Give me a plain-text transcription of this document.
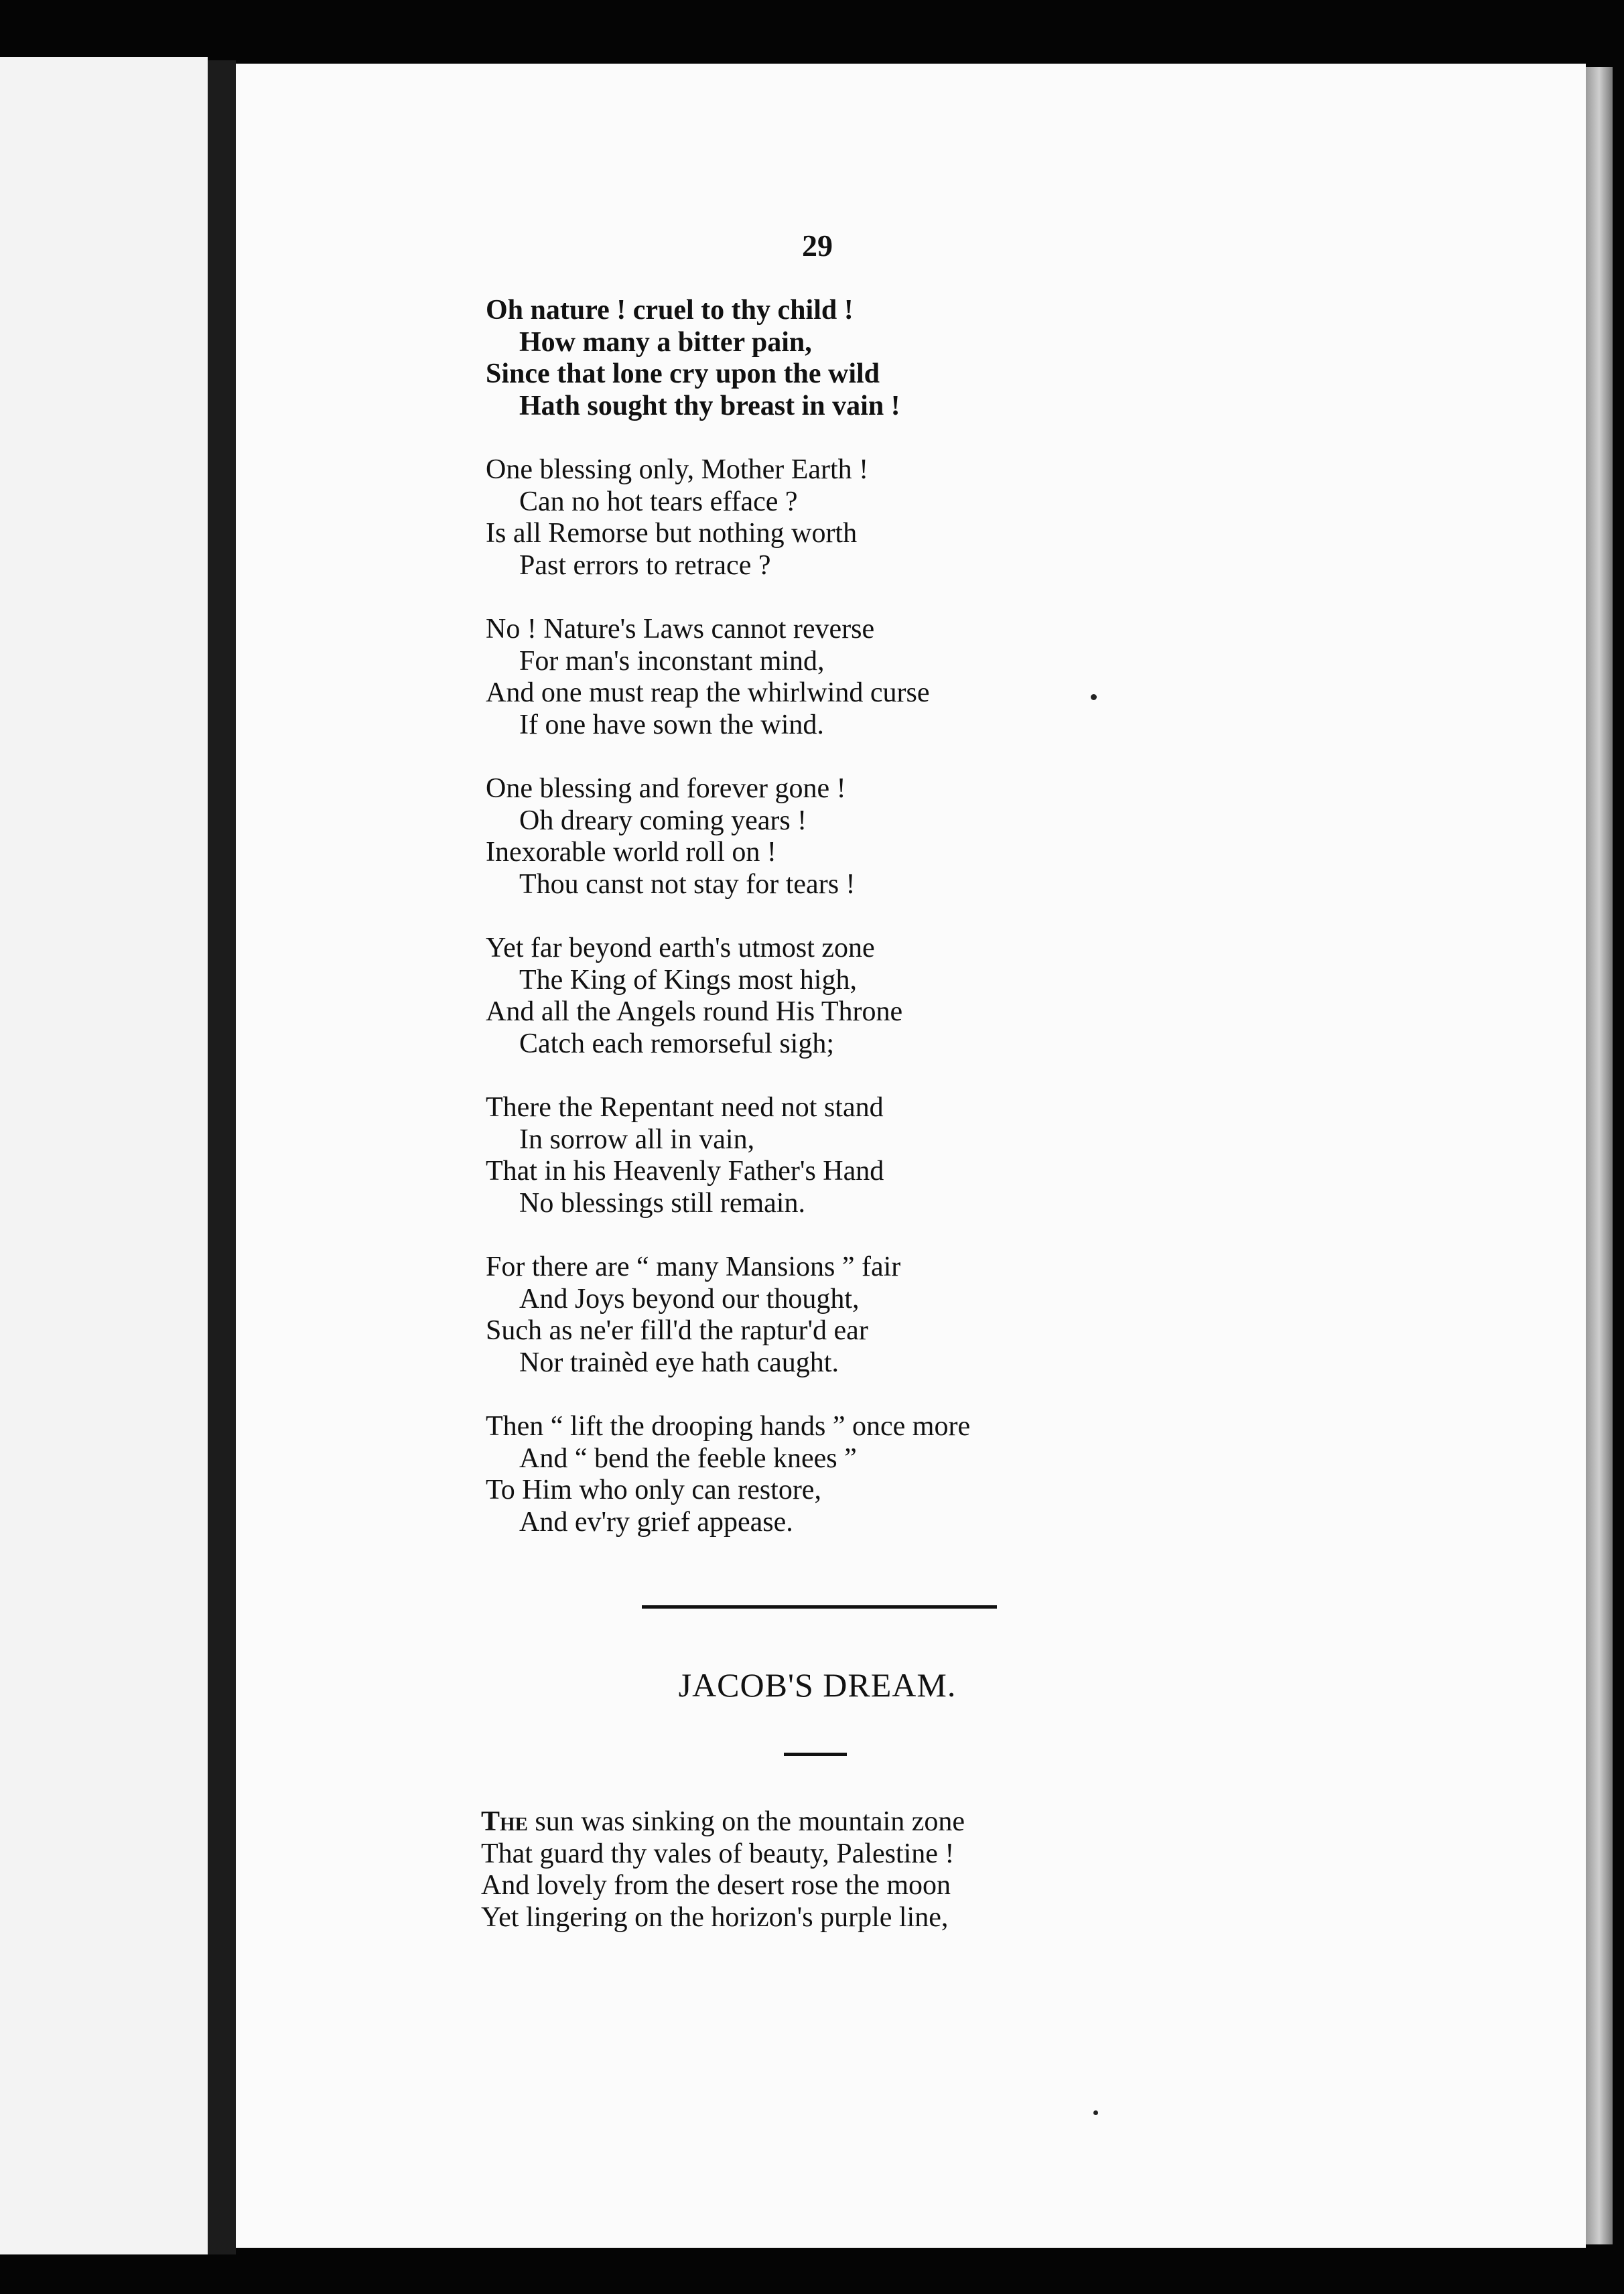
29
Oh nature ! cruel to thy child !
How many a bitter pain,
Since that lone cry upon the wild
Hath sought thy breast in vain !
One blessing only, Mother Earth !
Can no hot tears efface ?
Is all Remorse but nothing worth
Past errors to retrace ?
No ! Nature's Laws cannot reverse
For man's inconstant mind,
And one must reap the whirlwind curse
If one have sown the wind.
One blessing and forever gone !
Oh dreary coming years !
Inexorable world roll on !
Thou canst not stay for tears !
Yet far beyond earth's utmost zone
The King of Kings most high,
And all the Angels round His Throne
Catch each remorseful sigh;
There the Repentant need not stand
In sorrow all in vain,
That in his Heavenly Father's Hand
No blessings still remain.
For there are “ many Mansions ” fair
And Joys beyond our thought,
Such as ne'er fill'd the raptur'd ear
Nor trainèd eye hath caught.
Then “ lift the drooping hands ” once more
And “ bend the feeble knees ”
To Him who only can restore,
And ev'ry grief appease.
JACOB'S DREAM.
The sun was sinking on the mountain zone
That guard thy vales of beauty, Palestine !
And lovely from the desert rose the moon
Yet lingering on the horizon's purple line,
